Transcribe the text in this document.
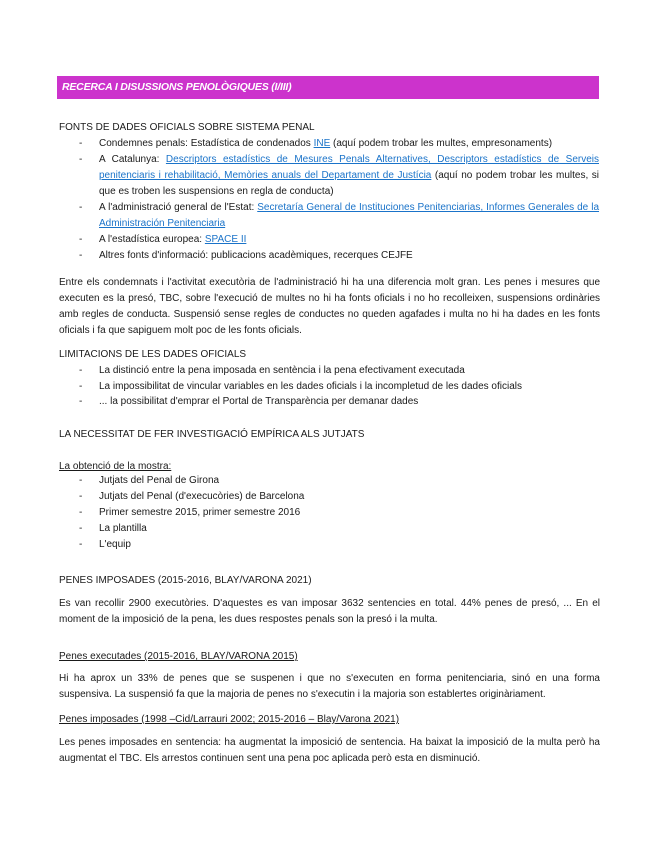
RECERCA I DISUSSIONS PENOLÒGIQUES (I/III)
FONTS DE DADES OFICIALS SOBRE SISTEMA PENAL
- Condemnes penals: Estadística de condenados INE (aquí podem trobar les multes, empresonaments)
- A Catalunya: Descriptors estadístics de Mesures Penals Alternatives, Descriptors estadístics de Serveis penitenciaris i rehabilitació, Memòries anuals del Departament de Justícia (aquí no podem trobar les multes, si que es troben les suspensions en regla de conducta)
- A l'administració general de l'Estat: Secretaría General de Instituciones Penitenciarias, Informes Generales de la Administración Penitenciaria
- A l'estadística europea: SPACE II
- Altres fonts d'informació: publicacions acadèmiques, recerques CEJFE

Entre els condemnats i l'activitat executòria de l'administració hi ha una diferencia molt gran. Les penes i mesures que executen es la presó, TBC, sobre l'execució de multes no hi ha fonts oficials i no ho recolleixen, suspensions ordinàries amb regles de conducta. Suspensió sense regles de conductes no queden agafades i multa no hi ha dades en les fonts oficials i fa que sapiguem molt poc de les fonts oficials.

LIMITACIONS DE LES DADES OFICIALS
- La distinció entre la pena imposada en sentència i la pena efectivament executada
- La impossibilitat de vincular variables en les dades oficials i la incompletud de les dades oficials
- ... la possibilitat d'emprar el Portal de Transparència per demanar dades
LA NECESSITAT DE FER INVESTIGACIÓ EMPÍRICA ALS JUTJATS
La obtenció de la mostra:
- Jutjats del Penal de Girona
- Jutjats del Penal (d'execucòries) de Barcelona
- Primer semestre 2015, primer semestre 2016
- La plantilla
- L'equip
PENES IMPOSADES (2015-2016, BLAY/VARONA 2021)

Es van recollir 2900 executòries. D'aquestes es van imposar 3632 sentencies en total. 44% penes de presó, ... En el moment de la imposició de la pena, les dues respostes penals son la presó i la multa.

Penes executades (2015-2016, BLAY/VARONA 2015)

Hi ha aprox un 33% de penes que se suspenen i que no s'executen en forma penitenciaria, sinó en una forma suspensiva. La suspensió fa que la majoria de penes no s'executin i la majoria son establertes originàriament.

Penes imposades (1998 –Cid/Larrauri 2002; 2015-2016 – Blay/Varona 2021)

Les penes imposades en sentencia: ha augmentat la imposició de sentencia. Ha baixat la imposició de la multa però ha augmentat el TBC. Els arrestos continuen sent una pena poc aplicada però esta en disminució.
